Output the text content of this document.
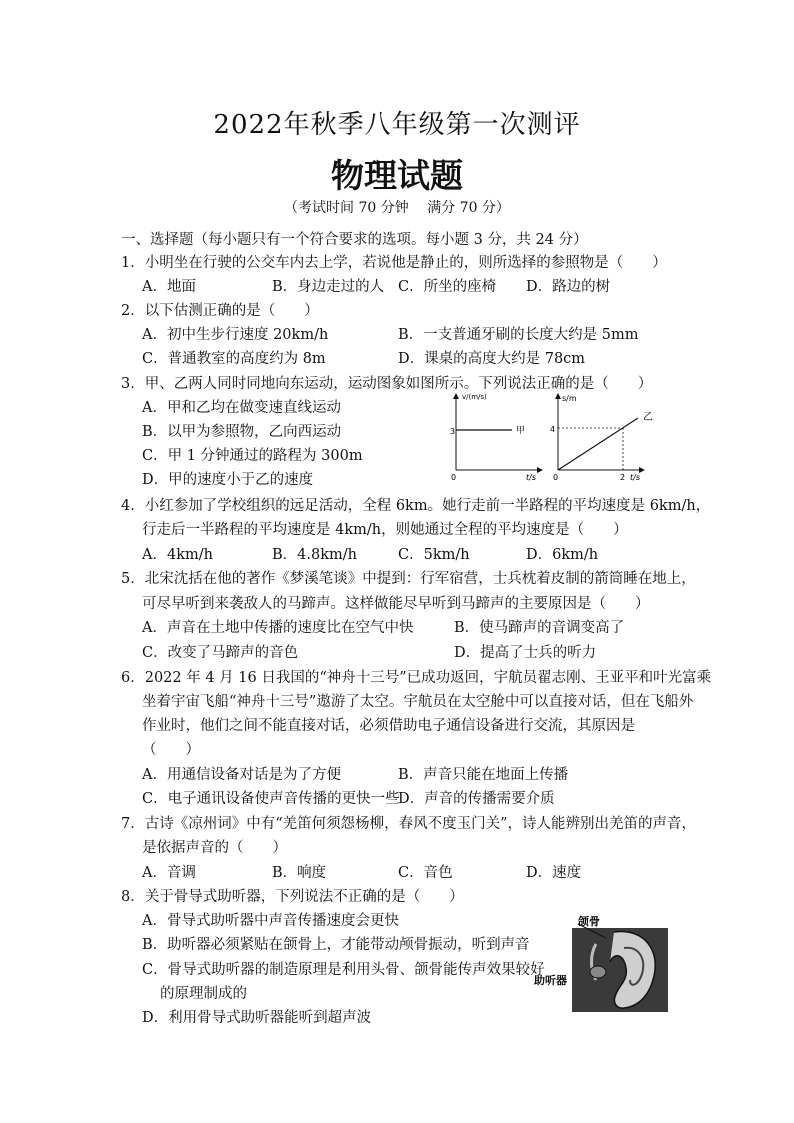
2022年秋季八年级第一次测评
物理试题
（考试时间 70 分钟　 满分 70 分）
一、选择题（每小题只有一个符合要求的选项。每小题 3 分，共 24 分）
1．小明坐在行驶的公交车内去上学，若说他是静止的，则所选择的参照物是（　　）
A．地面	B．身边走过的人 C．所坐的座椅 D．路边的树
2．以下估测正确的是（　　）
A．初中生步行速度 20km/h	B．一支普通牙刷的长度大约是 5mm
C．普通教室的高度约为 8m	D．课桌的高度大约是 78cm
3．甲、乙两人同时同地向东运动，运动图象如图所示。下列说法正确的是（　　）
A．甲和乙均在做变速直线运动
B．以甲为参照物，乙向西运动
C．甲 1 分钟通过的路程为 300m
D．甲的速度小于乙的速度
v/(m/s)
t/s
3
0
甲
s/m
t/s
4
2
0
乙
4．小红参加了学校组织的远足活动，全程 6km。她行走前一半路程的平均速度是 6km/h，
行走后一半路程的平均速度是 4km/h，则她通过全程的平均速度是（　　）
A．4km/h	B．4.8km/h	C．5km/h	D．6km/h
5．北宋沈括在他的著作《梦溪笔谈》中提到：行军宿营，士兵枕着皮制的箭筒睡在地上，
可尽早听到来袭敌人的马蹄声。这样做能尽早听到马蹄声的主要原因是（　　）
A．声音在土地中传播的速度比在空气中快	B．使马蹄声的音调变高了
C．改变了马蹄声的音色	D．提高了士兵的听力
6．2022 年 4 月 16 日我国的“神舟十三号”已成功返回，宇航员翟志刚、王亚平和叶光富乘
坐着宇宙飞船“神舟十三号”遨游了太空。宇航员在太空舱中可以直接对话，但在飞船外
作业时，他们之间不能直接对话，必须借助电子通信设备进行交流，其原因是
（　　）
A．用通信设备对话是为了方便	B．声音只能在地面上传播
C．电子通讯设备使声音传播的更快一些
D．声音的传播需要介质
7．古诗《凉州词》中有“羌笛何须怨杨柳，春风不度玉门关”，诗人能辨别出羌笛的声音，
是依据声音的（　　）
A．音调	B．响度	C．音色	D．速度
8．关于骨导式助听器，下列说法不正确的是（　　）
A．骨导式助听器中声音传播速度会更快
B．助听器必须紧贴在颌骨上，才能带动颅骨振动，听到声音
C．骨导式助听器的制造原理是利用头骨、颌骨能传声效果较好
的原理制成的
D．利用骨导式助听器能听到超声波
颌骨
助听器
